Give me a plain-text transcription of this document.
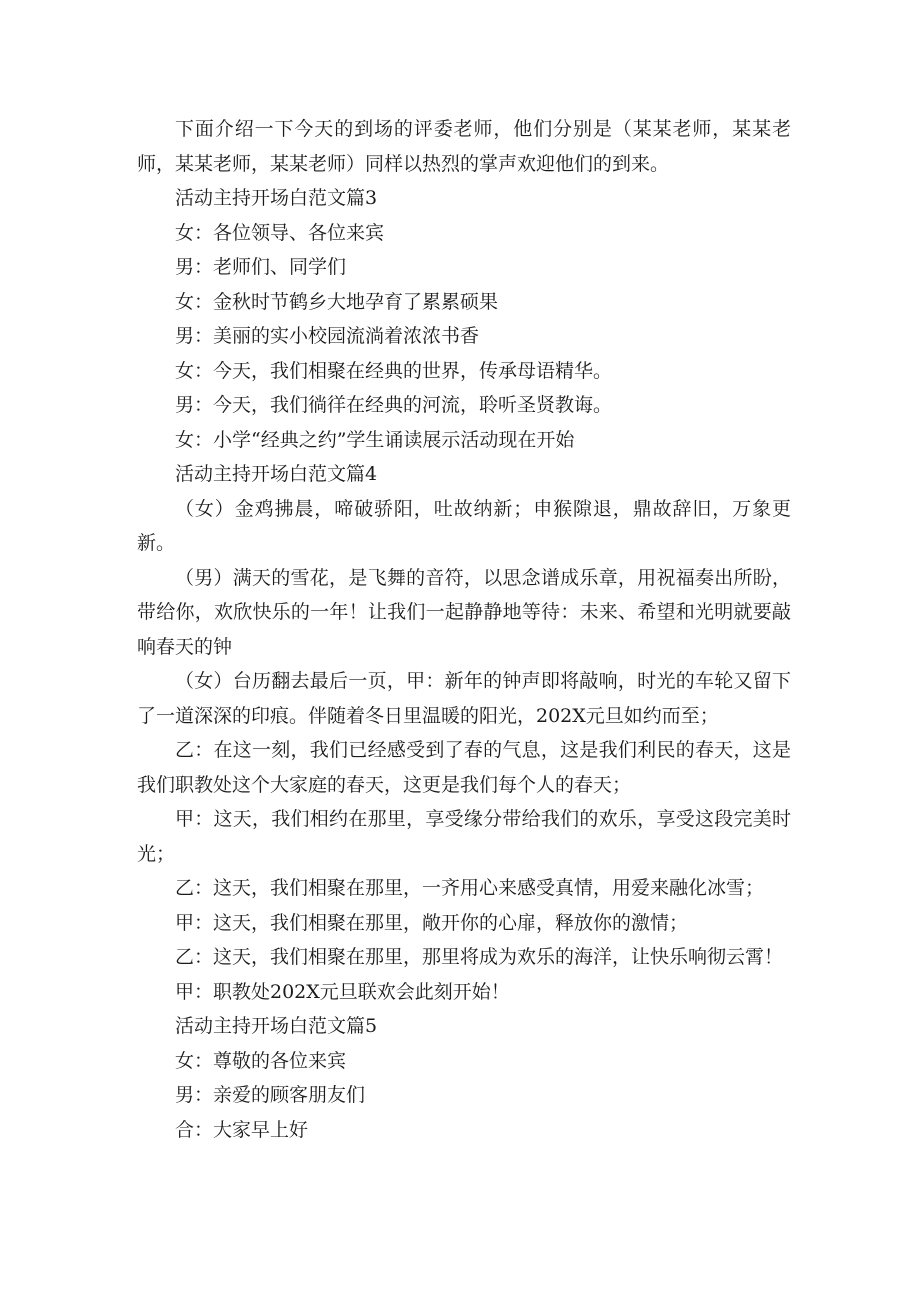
下面介绍一下今天的到场的评委老师，他们分别是（某某老师，某某老师，某某老师，某某老师）同样以热烈的掌声欢迎他们的到来。

活动主持开场白范文篇3

女：各位领导、各位来宾

男：老师们、同学们

女：金秋时节鹤乡大地孕育了累累硕果

男：美丽的实小校园流淌着浓浓书香

女：今天，我们相聚在经典的世界，传承母语精华。

男：今天，我们徜徉在经典的河流，聆听圣贤教诲。

女：小学“经典之约”学生诵读展示活动现在开始

活动主持开场白范文篇4

（女）金鸡拂晨，啼破骄阳，吐故纳新；申猴隙退，鼎故辞旧，万象更新。

（男）满天的雪花，是飞舞的音符，以思念谱成乐章，用祝福奏出所盼，带给你，欢欣快乐的一年！让我们一起静静地等待：未来、希望和光明就要敲响春天的钟

（女）台历翻去最后一页，甲：新年的钟声即将敲响，时光的车轮又留下了一道深深的印痕。伴随着冬日里温暖的阳光，202X元旦如约而至；

乙：在这一刻，我们已经感受到了春的气息，这是我们利民的春天，这是我们职教处这个大家庭的春天，这更是我们每个人的春天；

甲：这天，我们相约在那里，享受缘分带给我们的欢乐，享受这段完美时光；

乙：这天，我们相聚在那里，一齐用心来感受真情，用爱来融化冰雪；

甲：这天，我们相聚在那里，敞开你的心扉，释放你的激情；

乙：这天，我们相聚在那里，那里将成为欢乐的海洋，让快乐响彻云霄！

甲：职教处202X元旦联欢会此刻开始！

活动主持开场白范文篇5

女：尊敬的各位来宾

男：亲爱的顾客朋友们

合：大家早上好
